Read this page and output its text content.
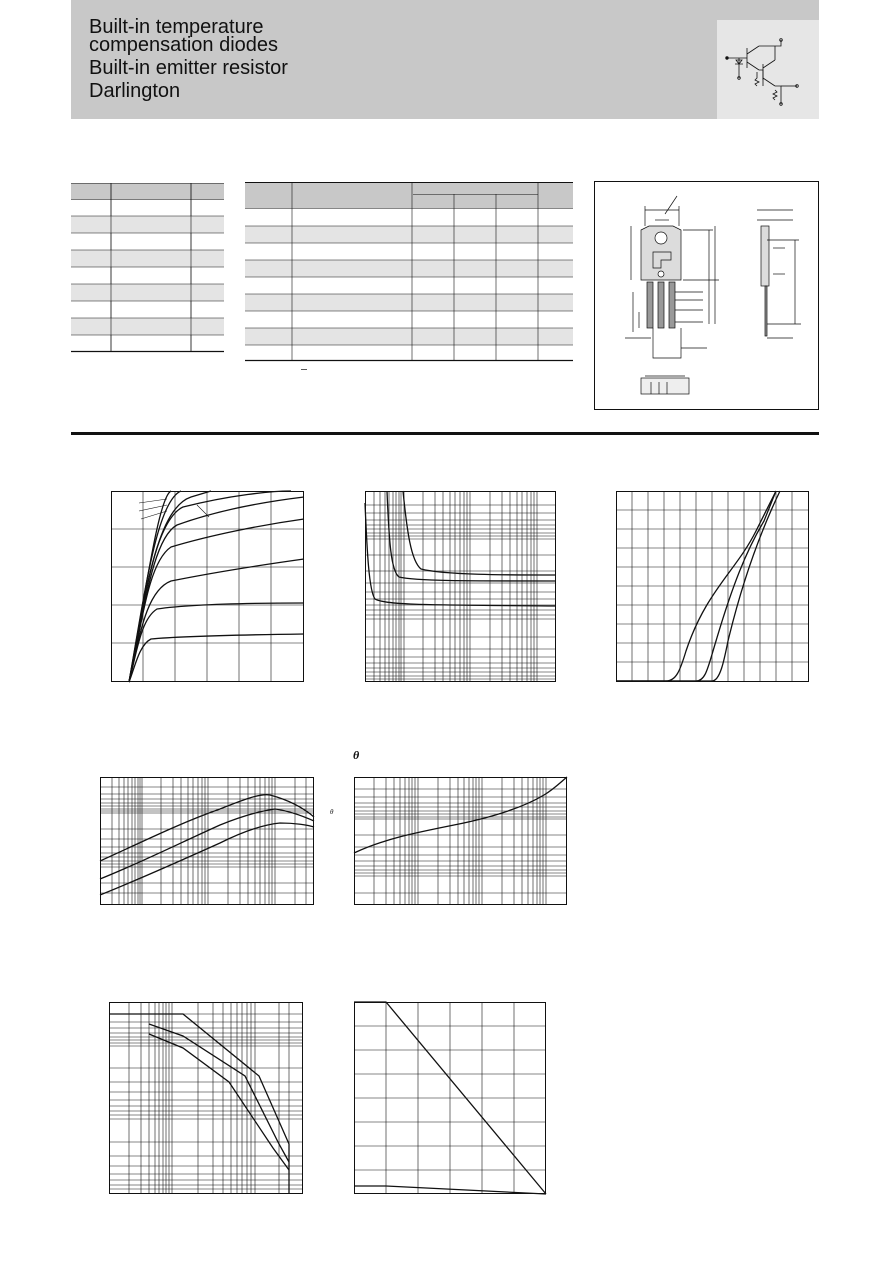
Built-in temperature
compensation diodes
Built-in emitter resistor
Darlington
θ
θ
